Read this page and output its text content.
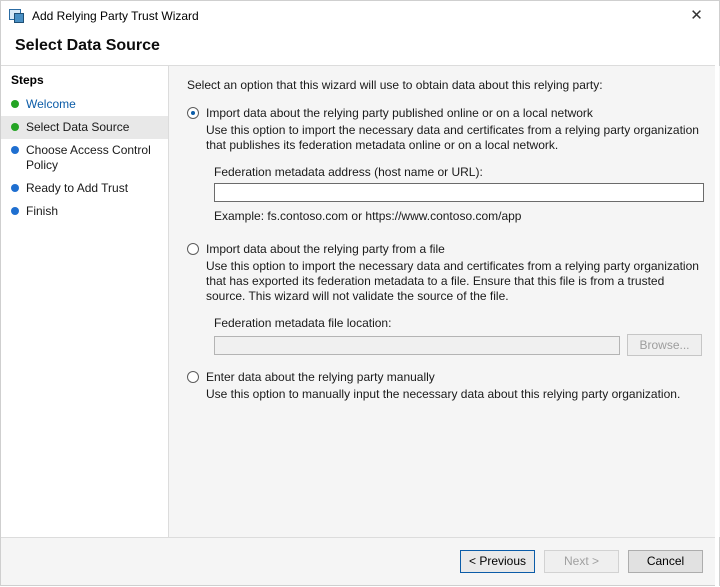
Add Relying Party Trust Wizard	✕
Select Data Source
Steps
Welcome
Select Data Source
Choose Access Control Policy
Ready to Add Trust
Finish

Select an option that this wizard will use to obtain data about this relying party:

Import data about the relying party published online or on a local network
Use this option to import the necessary data and certificates from a relying party organization that publishes its federation metadata online or on a local network.
Federation metadata address (host name or URL):
Example: fs.contoso.com or https://www.contoso.com/app
Import data about the relying party from a file
Use this option to import the necessary data and certificates from a relying party organization that has exported its federation metadata to a file. Ensure that this file is from a trusted source. This wizard will not validate the source of the file.
Federation metadata file location:
Browse...
Enter data about the relying party manually
Use this option to manually input the necessary data about this relying party organization.
< Previous	Next >	Cancel
